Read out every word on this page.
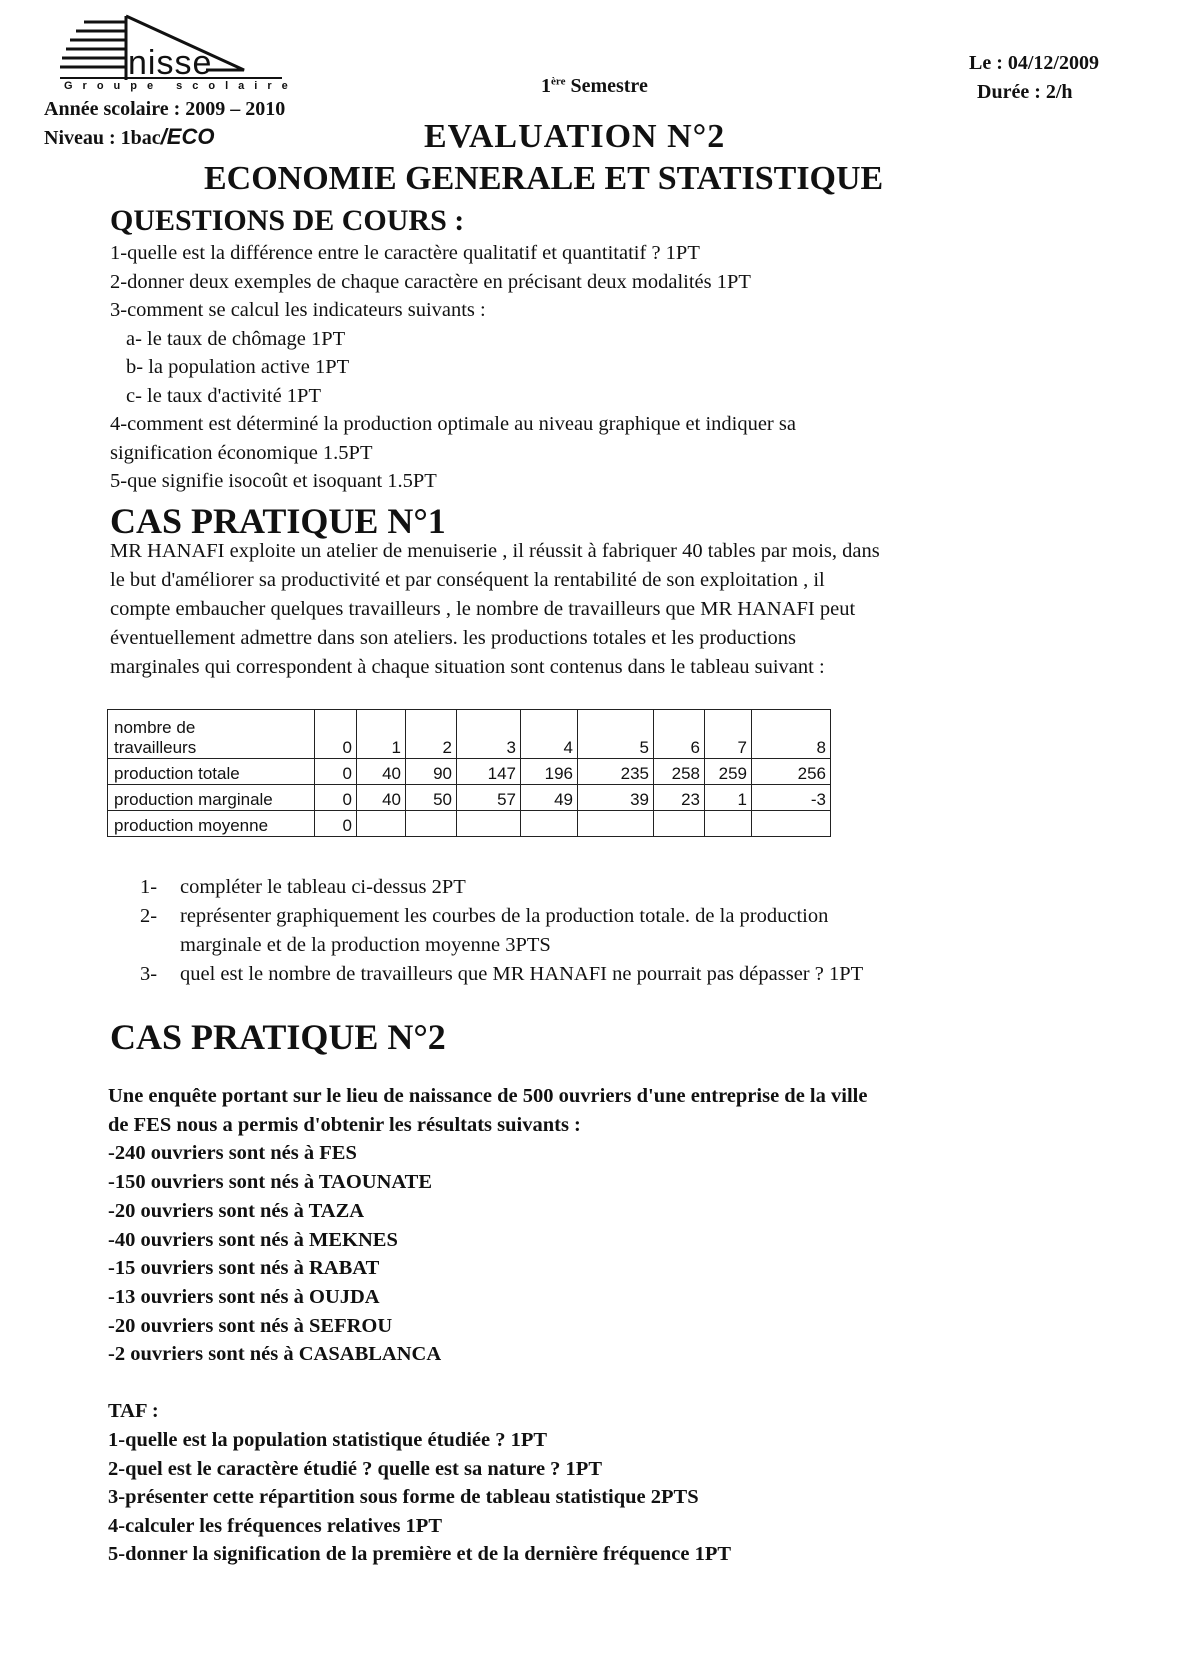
nisse
Groupe scolaire
Année scolaire : 2009 – 2010
Niveau : 1bac/ECO
1ère Semestre
Le : 04/12/2009
Durée : 2/h
EVALUATION N°2
ECONOMIE GENERALE ET STATISTIQUE
QUESTIONS DE COURS :
1-quelle est la différence entre le caractère qualitatif et quantitatif ? 1PT
2-donner deux exemples de chaque caractère en précisant deux modalités 1PT
3-comment se calcul les indicateurs suivants :
a- le taux de chômage 1PT
b- la population active 1PT
c- le taux d'activité 1PT
4-comment est déterminé la production optimale au niveau graphique et indiquer sa
signification économique 1.5PT
5-que signifie isocoût et isoquant 1.5PT
CAS PRATIQUE N°1
MR HANAFI exploite un atelier de menuiserie , il réussit à fabriquer 40 tables par mois, dans
le but d'améliorer sa productivité et par conséquent la rentabilité de son exploitation , il
compte embaucher quelques travailleurs , le nombre de travailleurs que MR HANAFI peut
éventuellement admettre dans son ateliers. les productions totales et les productions
marginales qui correspondent à chaque situation sont contenus dans le tableau suivant :
nombre de
travailleurs	0	1	2	3	4	5	6	7	8
production totale	0	40	90	147	196	235	258	259	256
production marginale	0	40	50	57	49	39	23	1	-3
production moyenne	0								
1- compléter le tableau ci-dessus 2PT
2- représenter graphiquement les courbes de la production totale. de la production
marginale et de la production moyenne 3PTS
3- quel est le nombre de travailleurs que MR HANAFI ne pourrait pas dépasser ? 1PT
CAS PRATIQUE N°2
Une enquête portant sur le lieu de naissance de 500 ouvriers d'une entreprise de la ville
de FES nous a permis d'obtenir les résultats suivants :
-240 ouvriers sont nés à FES
-150 ouvriers sont nés à TAOUNATE
-20 ouvriers sont nés à TAZA
-40 ouvriers sont nés à MEKNES
-15 ouvriers sont nés à RABAT
-13 ouvriers sont nés à OUJDA
-20 ouvriers sont nés à SEFROU
-2 ouvriers sont nés à CASABLANCA
TAF :
1-quelle est la population statistique étudiée ? 1PT
2-quel est le caractère étudié ? quelle est sa nature ? 1PT
3-présenter cette répartition sous forme de tableau statistique 2PTS
4-calculer les fréquences relatives 1PT
5-donner la signification de la première et de la dernière fréquence 1PT
